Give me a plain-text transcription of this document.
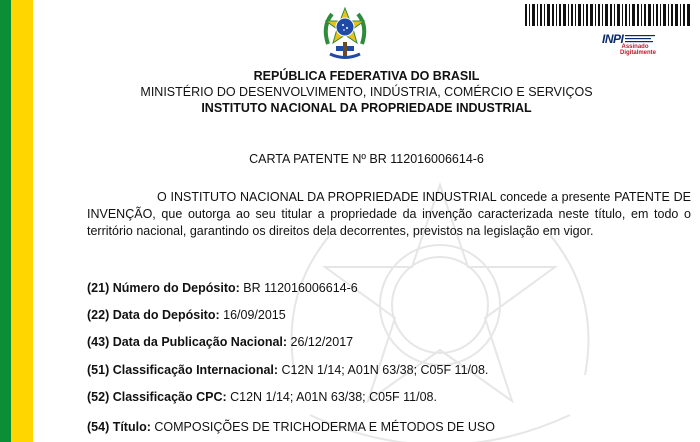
INPI
Assinado
Digitalmente
REPÚBLICA FEDERATIVA DO BRASIL
MINISTÉRIO DO DESENVOLVIMENTO, INDÚSTRIA, COMÉRCIO E SERVIÇOS
INSTITUTO NACIONAL DA PROPRIEDADE INDUSTRIAL
CARTA PATENTE Nº BR 112016006614-6
O INSTITUTO NACIONAL DA PROPRIEDADE INDUSTRIAL concede a presente PATENTE DE INVENÇÃO, que outorga ao seu titular a propriedade da invenção caracterizada neste título, em todo o território nacional, garantindo os direitos dela decorrentes, previstos na legislação em vigor.
(21) Número do Depósito: BR 112016006614-6
(22) Data do Depósito: 16/09/2015
(43) Data da Publicação Nacional: 26/12/2017
(51) Classificação Internacional: C12N 1/14; A01N 63/38; C05F 11/08.
(52) Classificação CPC: C12N 1/14; A01N 63/38; C05F 11/08.
(54) Título: COMPOSIÇÕES DE TRICHODERMA E MÉTODOS DE USO
